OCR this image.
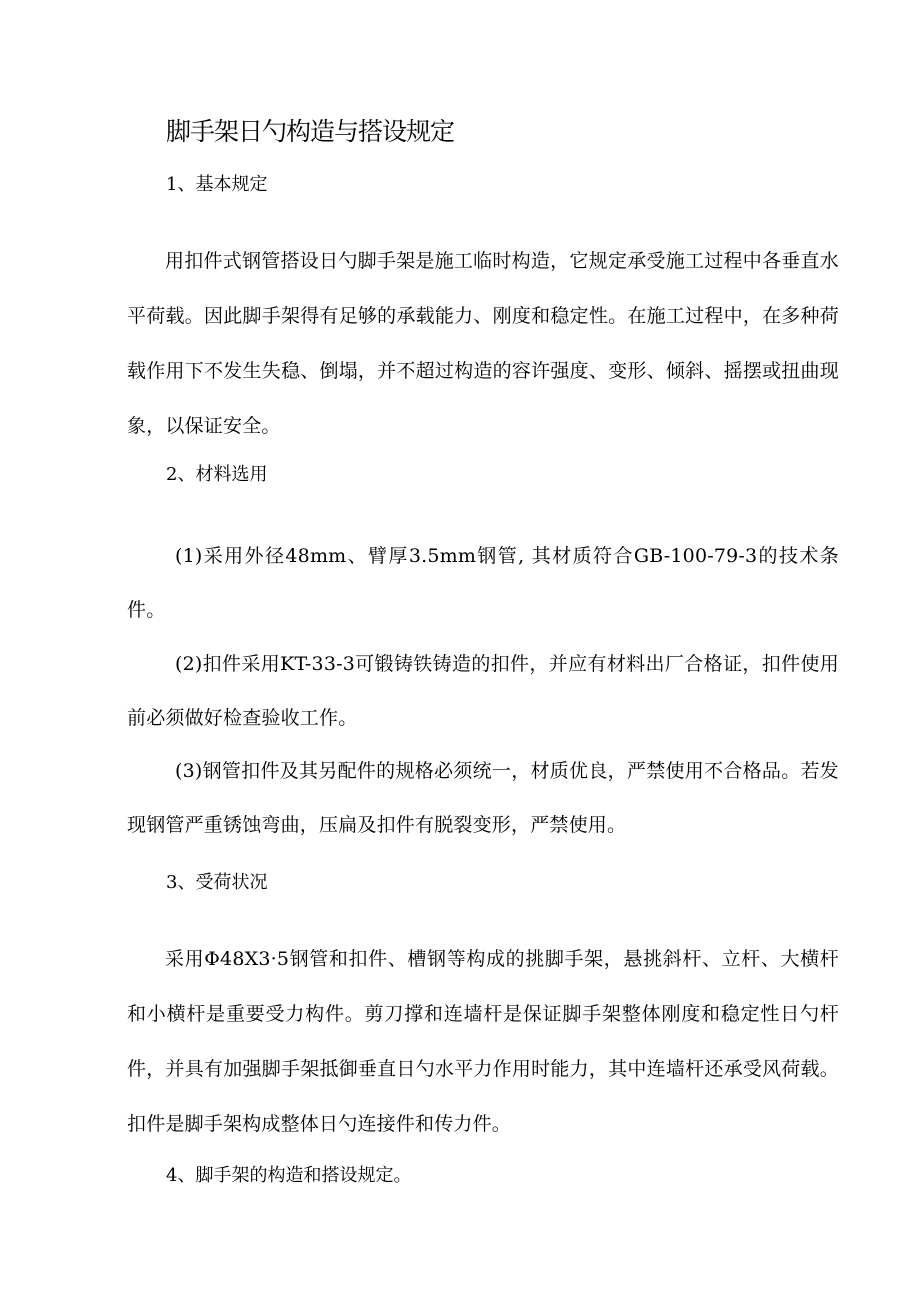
脚手架日勺构造与搭设规定
1、基本规定

用扣件式钢管搭设日勺脚手架是施工临时构造，它规定承受施工过程中各垂直水平荷载。因此脚手架得有足够的承载能力、刚度和稳定性。在施工过程中，在多种荷载作用下不发生失稳、倒塌，并不超过构造的容许强度、变形、倾斜、摇摆或扭曲现象，以保证安全。

2、材料选用

(1)采用外径48mm、臂厚3.5mm钢管, 其材质符合GB-100-79-3的技术条件。

(2)扣件采用KT-33-3可锻铸铁铸造的扣件，并应有材料出厂合格证，扣件使用前必须做好检查验收工作。

(3)钢管扣件及其另配件的规格必须统一，材质优良，严禁使用不合格品。若发现钢管严重锈蚀弯曲，压扁及扣件有脱裂变形，严禁使用。

3、受荷状况

采用Φ48X3·5钢管和扣件、槽钢等构成的挑脚手架，悬挑斜杆、立杆、大横杆和小横杆是重要受力构件。剪刀撑和连墙杆是保证脚手架整体刚度和稳定性日勺杆件，并具有加强脚手架抵御垂直日勺水平力作用时能力，其中连墙杆还承受风荷载。扣件是脚手架构成整体日勺连接件和传力件。

4、脚手架的构造和搭设规定。
